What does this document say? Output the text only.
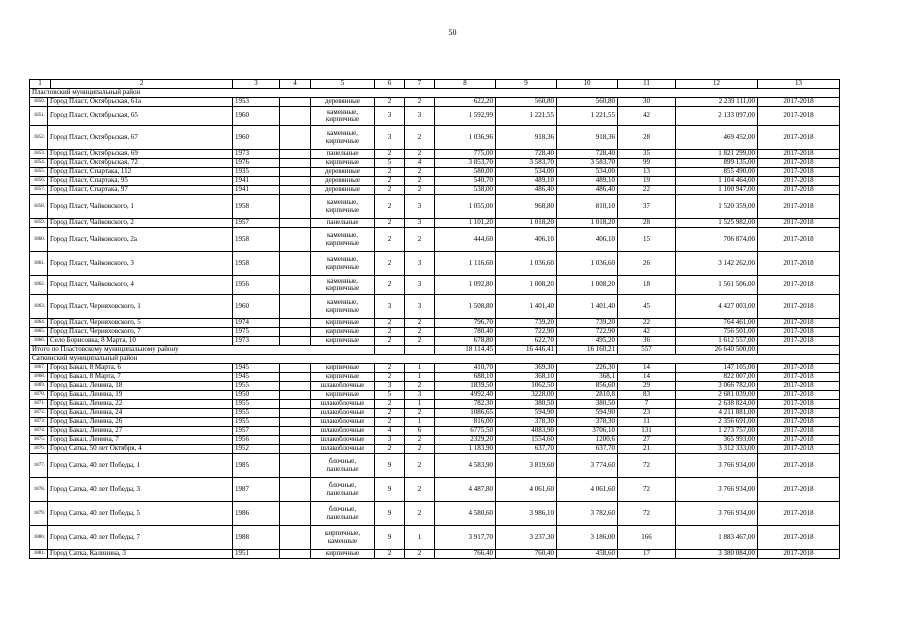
50
1 2		3	4	5	6	7	8	9	10	11	12	13
Пластовский муниципальный район												
1850.	Город Пласт, Октябрьская, 61а	1953		деревянные	2	2	622,20	560,80	560,80	30	2 239 111,00	2017-2018
1851.	Город Пласт, Октябрьская, 65	1960		каменные, кирпичные	3	3	1 592,99	1 221,55	1 221,55	42	2 133 097,00	2017-2018
1852.	Город Пласт, Октябрьская, 67	1960		каменные, кирпичные	3	2	1 036,96	918,36	918,36	28	469 452,00	2017-2018
1853.	Город Пласт, Октябрьская, 69	1973		панельные	2	2	775,00	728,40	728,40	35	1 821 299,00	2017-2018
1854.	Город Пласт, Октябрьская, 72	1976		кирпичные	5	4	3 853,70	3 583,70	3 583,70	99	899 135,00	2017-2018
1855.	Город Пласт, Спартака, 112	1935		деревянные	2	2	580,00	534,00	534,00	13	855 490,00	2017-2018
1856.	Город Пласт, Спартака, 95	1941		деревянные	2	2	540,70	489,10	489,10	19	1 104 464,00	2017-2018
1857.	Город Пласт, Спартака, 97	1941		деревянные	2	2	538,00	486,40	486,40	22	1 100 947,00	2017-2018
1858.	Город Пласт, Чайковского, 1	1958		каменные, кирпичные	2	3	1 055,00	968,80	810,10	37	1 520 359,00	2017-2018
1859.	Город Пласт, Чайковского, 2	1957		панельные	2	3	1 101,20	1 018,20	1 018,20	28	1 525 982,00	2017-2018
1860.	Город Пласт, Чайковского, 2а	1958		каменные, кирпичные	2	2	444,60	406,10	406,10	15	706 874,00	2017-2018
1861.	Город Пласт, Чайковского, 3	1958		каменные, кирпичные	2	3	1 116,60	1 036,60	1 036,60	26	3 142 262,00	2017-2018
1862.	Город Пласт, Чайковского, 4	1956		каменные, кирпичные	2	3	1 092,80	1 008,20	1 008,20	18	1 561 506,00	2017-2018
1863.	Город Пласт, Черняховского, 1	1960		каменные, кирпичные	3	3	1 508,80	1 401,40	1 401,40	45	4 427 003,00	2017-2018
1864.	Город Пласт, Черняховского, 5	1974		кирпичные	2	2	796,70	739,20	739,20	22	764 461,00	2017-2018
1865.	Город Пласт, Черняховского, 7	1975		кирпичные	2	2	780,40	722,90	722,90	42	756 501,00	2017-2018
1866.	Село Борисовка, 8 Марта, 10	1973		кирпичные	2	2	678,80	622,70	495,20	36	1 612 557,00	2017-2018
Итого по Пластовскому муниципальному району							18 114,45	16 446,41	16 160,21	557	26 640 500,00	
Саткинский муниципальный район												
1867.	Город Бакал, 8 Марта, 6	1945		кирпичные	2	1	410,70	369,30	226,30	14	147 105,00	2017-2018
1868.	Город Бакал, 8 Марта, 7	1945		кирпичные	2	1	688,10	368,10	368,1	14	822 007,00	2017-2018
1869.	Город Бакал, Ленина, 18	1955		шлакоблочные	3	2	1839,50	1062,50	856,60	29	3 066 782,00	2017-2018
1870.	Город Бакал, Ленина, 19	1950		кирпичные	5	3	4992,40	3228,00	2810,8	83	2 681 039,00	2017-2018
1871.	Город Бакал, Ленина, 22	1955		шлакоблочные	2	1	782,30	380,50	380,50	7	2 638 824,00	2017-2018
1872.	Город Бакал, Ленина, 24	1955		шлакоблочные	2	2	1086,65	594,90	594,90	23	4 211 881,00	2017-2018
1873.	Город Бакал, Ленина, 26	1955		шлакоблочные	2	1	816,00	378,30	378,30	11	2 356 691,00	2017-2018
1874.	Город Бакал, Ленина, 27	1957		шлакоблочные	4	6	6775,50	4083,90	3706,10	131	1 273 757,00	2017-2018
1875.	Город Бакал, Ленина, 7	1956		шлакоблочные	3	2	2329,20	1554,60	1200,6	27	365 993,00	2017-2018
1876.	Город Сатка, 50 лет Октября, 4	1952		шлакоблочные	2	2	1 183,90	637,70	637,70	21	3 312 333,00	2017-2018
1877.	Город Сатка, 40 лет Победы, 1	1985		блочные, панельные	9	2	4 583,90	3 819,60	3 774,60	72	3 766 934,00	2017-2018
1878.	Город Сатка, 40 лет Победы, 3	1987		блочные, панельные	9	2	4 487,80	4 061,60	4 061,60	72	3 766 934,00	2017-2018
1879.	Город Сатка, 40 лет Победы, 5	1986		блочные, панельные	9	2	4 580,60	3 986,10	3 782,60	72	3 766 934,00	2017-2018
1880.	Город Сатка, 40 лет Победы, 7	1988		кирпичные, каменные	9	1	3 917,70	3 237,30	3 186,00	166	1 883 467,00	2017-2018
1881.	Город Сатка, Калинина, 3	1951		кирпичные	2	2	766,40	760,40	458,60	17	3 380 084,00	2017-2018
